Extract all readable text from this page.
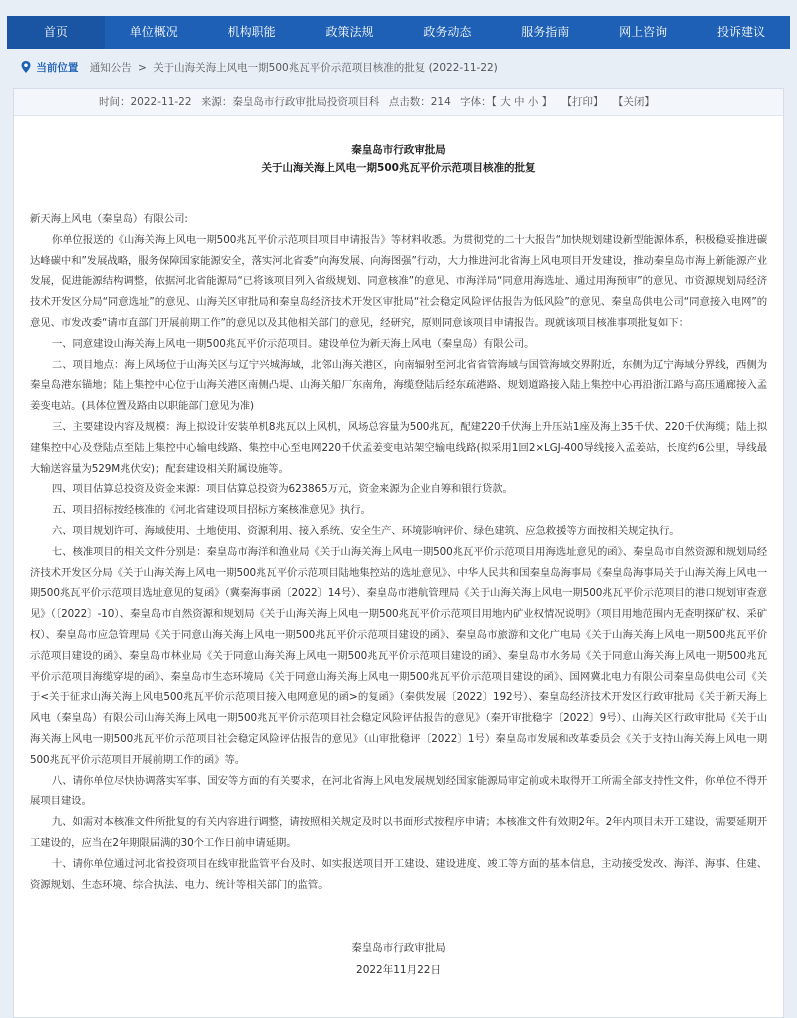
首页	单位概况	机构职能	政策法规	政务动态	服务指南	网上咨询	投诉建议
当前位置 通知公告 > 关于山海关海上风电一期500兆瓦平价示范项目核准的批复 (2022-11-22)
时间：2022-11-22 来源：秦皇岛市行政审批局投资项目科 点击数：214 字体：【 大 中 小 】 【打印】 【关闭】
秦皇岛市行政审批局
关于山海关海上风电一期500兆瓦平价示范项目核准的批复

新天海上风电（秦皇岛）有限公司:

你单位报送的《山海关海上风电一期500兆瓦平价示范项目项目申请报告》等材料收悉。为贯彻党的二十大报告“加快规划建设新型能源体系，积极稳妥推进碳达峰碳中和”发展战略，服务保障国家能源安全，落实河北省委“向海发展、向海图强”行动，大力推进河北省海上风电项目开发建设，推动秦皇岛市海上新能源产业发展，促进能源结构调整，依据河北省能源局“已将该项目列入省级规划、同意核准”的意见、市海洋局“同意用海选址、通过用海预审”的意见、市资源规划局经济技术开发区分局“同意选址”的意见、山海关区审批局和秦皇岛经济技术开发区审批局“社会稳定风险评估报告为低风险”的意见、秦皇岛供电公司“同意接入电网”的意见、市发改委“请市直部门开展前期工作”的意见以及其他相关部门的意见，经研究，原则同意该项目申请报告。现就该项目核准事项批复如下：

一、同意建设山海关海上风电一期500兆瓦平价示范项目。建设单位为新天海上风电（秦皇岛）有限公司。

二、项目地点：海上风场位于山海关区与辽宁兴城海域，北邻山海关港区，向南辐射至河北省省管海域与国管海域交界附近，东侧为辽宁海域分界线，西侧为秦皇岛港东锚地；陆上集控中心位于山海关港区南侧凸堤、山海关船厂东南角，海缆登陆后经东疏港路、规划道路接入陆上集控中心再沿浙江路与高压通廊接入孟姜变电站。(具体位置及路由以职能部门意见为准)

三、主要建设内容及规模：海上拟设计安装单机8兆瓦以上风机，风场总容量为500兆瓦，配建220千伏海上升压站1座及海上35千伏、220千伏海缆；陆上拟建集控中心及登陆点至陆上集控中心输电线路、集控中心至电网220千伏孟姜变电站架空输电线路(拟采用1回2×LGJ-400导线接入孟姜站，长度约6公里，导线最大输送容量为529M兆伏安)；配套建设相关附属设施等。

四、项目估算总投资及资金来源：项目估算总投资为623865万元，资金来源为企业自筹和银行贷款。

五、项目招标按经核准的《河北省建设项目招标方案核准意见》执行。

六、项目规划许可、海域使用、土地使用、资源利用、接入系统、安全生产、环境影响评价、绿色建筑、应急救援等方面按相关规定执行。

七、核准项目的相关文件分别是：秦皇岛市海洋和渔业局《关于山海关海上风电一期500兆瓦平价示范项目用海选址意见的函》、秦皇岛市自然资源和规划局经济技术开发区分局《关于山海关海上风电一期500兆瓦平价示范项目陆地集控站的选址意见》、中华人民共和国秦皇岛海事局《秦皇岛海事局关于山海关海上风电一期500兆瓦平价示范项目选址意见的复函》（冀秦海事函〔2022〕14号）、秦皇岛市港航管理局《关于山海关海上风电一期500兆瓦平价示范项目的港口规划审查意见》（〔2022〕-10）、秦皇岛市自然资源和规划局《关于山海关海上风电一期500兆瓦平价示范项目用地内矿业权情况说明》（项目用地范围内无查明探矿权、采矿权）、秦皇岛市应急管理局《关于同意山海关海上风电一期500兆瓦平价示范项目建设的函》、秦皇岛市旅游和文化广电局《关于山海关海上风电一期500兆瓦平价示范项目建设的函》、秦皇岛市林业局《关于同意山海关海上风电一期500兆瓦平价示范项目建设的函》、秦皇岛市水务局《关于同意山海关海上风电一期500兆瓦平价示范项目海缆穿堤的函》、秦皇岛市生态环境局《关于同意山海关海上风电一期500兆瓦平价示范项目建设的函》、国网冀北电力有限公司秦皇岛供电公司《关于<关于征求山海关海上风电500兆瓦平价示范项目接入电网意见的函>的复函》（秦供发展〔2022〕192号）、秦皇岛经济技术开发区行政审批局《关于新天海上风电（秦皇岛）有限公司山海关海上风电一期500兆瓦平价示范项目社会稳定风险评估报告的意见》（秦开审批稳字〔2022〕9号）、山海关区行政审批局《关于山海关海上风电一期500兆瓦平价示范项目社会稳定风险评估报告的意见》（山审批稳评〔2022〕1号）秦皇岛市发展和改革委员会《关于支持山海关海上风电一期500兆瓦平价示范项目开展前期工作的函》等。

八、请你单位尽快协调落实军事、国安等方面的有关要求，在河北省海上风电发展规划经国家能源局审定前或未取得开工所需全部支持性文件，你单位不得开展项目建设。

九、如需对本核准文件所批复的有关内容进行调整，请按照相关规定及时以书面形式按程序申请；本核准文件有效期2年。2年内项目未开工建设，需要延期开工建设的，应当在2年期限届满的30个工作日前申请延期。

十、请你单位通过河北省投资项目在线审批监管平台及时、如实报送项目开工建设、建设进度、竣工等方面的基本信息，主动接受发改、海洋、海事、住建、资源规划、生态环境、综合执法、电力、统计等相关部门的监管。

秦皇岛市行政审批局
2022年11月22日
